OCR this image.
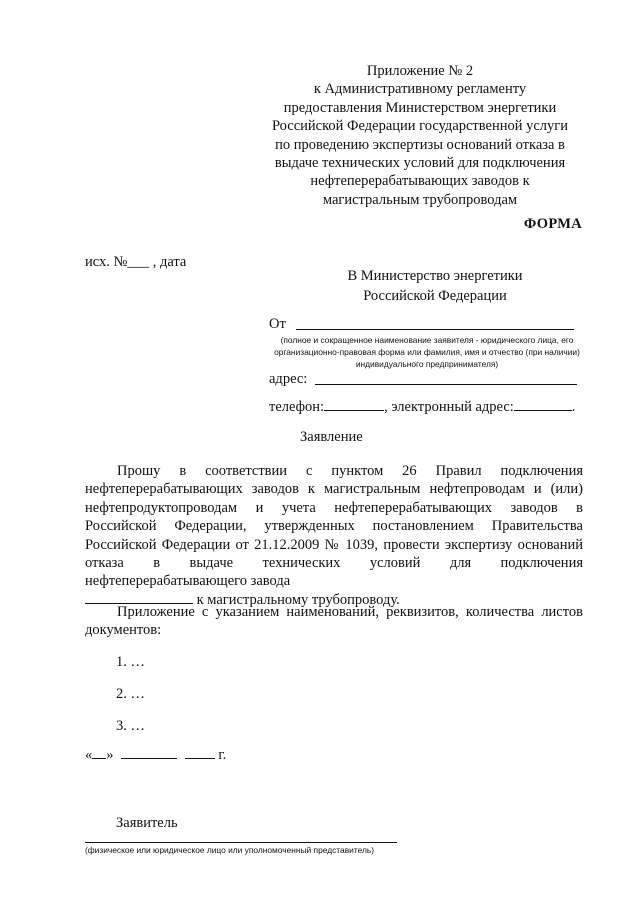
Приложение № 2
к Административному регламенту
предоставления Министерством энергетики
Российской Федерации государственной услуги
по проведению экспертизы оснований отказа в
выдаче технических условий для подключения
нефтеперерабатывающих заводов к
магистральным трубопроводам
ФОРМА
исх. №___ , дата
В Министерство энергетики
Российской Федерации
От
(полное и сокращенное наименование заявителя - юридического лица, его организационно-правовая форма или фамилия, имя и отчество (при наличии) индивидуального предпринимателя)
адрес:
телефон:	, электронный адрес:	.
Заявление

Прошу в соответствии с пунктом 26 Правил подключения нефтеперерабатывающих заводов к магистральным нефтепроводам и (или) нефтепродуктопроводам и учета нефтеперерабатывающих заводов в Российской Федерации, утвержденных постановлением Правительства Российской Федерации от 21.12.2009 № 1039, провести экспертизу оснований отказа в выдаче технических условий для подключения нефтеперерабатывающего завода
к магистральному трубопроводу.

Приложение с указанием наименований, реквизитов, количества листов документов:

1. …
2. …
3. …
« »	г.
Заявитель
(физическое или юридическое лицо или уполномоченный представитель)
